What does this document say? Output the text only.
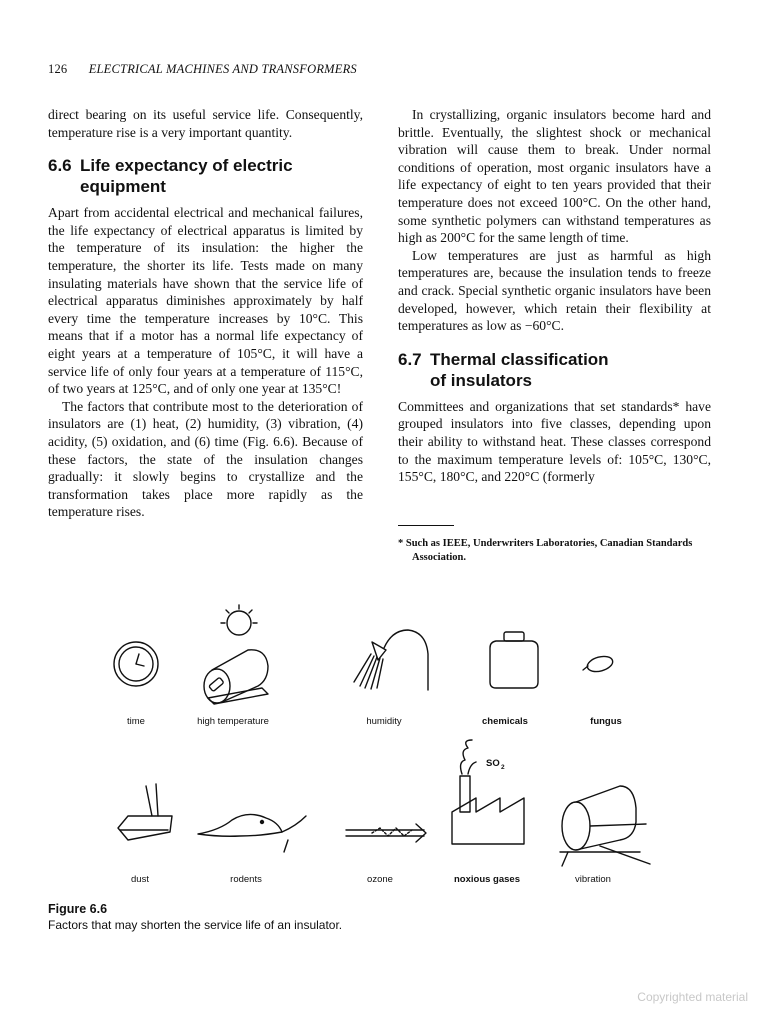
126 ELECTRICAL MACHINES AND TRANSFORMERS

direct bearing on its useful service life. Consequently, temperature rise is a very important quantity.

6.6 Life expectancy of electric
equipment

Apart from accidental electrical and mechanical failures, the life expectancy of electrical apparatus is limited by the temperature of its insulation: the higher the temperature, the shorter its life. Tests made on many insulating materials have shown that the service life of electrical apparatus diminishes approximately by half every time the temperature increases by 10°C. This means that if a motor has a normal life expectancy of eight years at a temperature of 105°C, it will have a service life of only four years at a temperature of 115°C, of two years at 125°C, and of only one year at 135°C!

The factors that contribute most to the deterioration of insulators are (1) heat, (2) humidity, (3) vibration, (4) acidity, (5) oxidation, and (6) time (Fig. 6.6). Because of these factors, the state of the insulation changes gradually: it slowly begins to crystallize and the transformation takes place more rapidly as the temperature rises.

In crystallizing, organic insulators become hard and brittle. Eventually, the slightest shock or mechanical vibration will cause them to break. Under normal conditions of operation, most organic insulators have a life expectancy of eight to ten years provided that their temperature does not exceed 100°C. On the other hand, some synthetic polymers can withstand temperatures as high as 200°C for the same length of time.

Low temperatures are just as harmful as high temperatures are, because the insulation tends to freeze and crack. Special synthetic organic insulators have been developed, however, which retain their flexibility at temperatures as low as −60°C.

6.7 Thermal classification
of insulators

Committees and organizations that set standards* have grouped insulators into five classes, depending upon their ability to withstand heat. These classes correspond to the maximum temperature levels of: 105°C, 130°C, 155°C, 180°C, and 220°C (formerly

* Such as IEEE, Underwriters Laboratories, Canadian Standards Association.
SO 2
time	high temperature	humidity	chemicals	fungus
dust	rodents	ozone	noxious gases	vibration
Figure 6.6
Factors that may shorten the service life of an insulator.
Copyrighted material
